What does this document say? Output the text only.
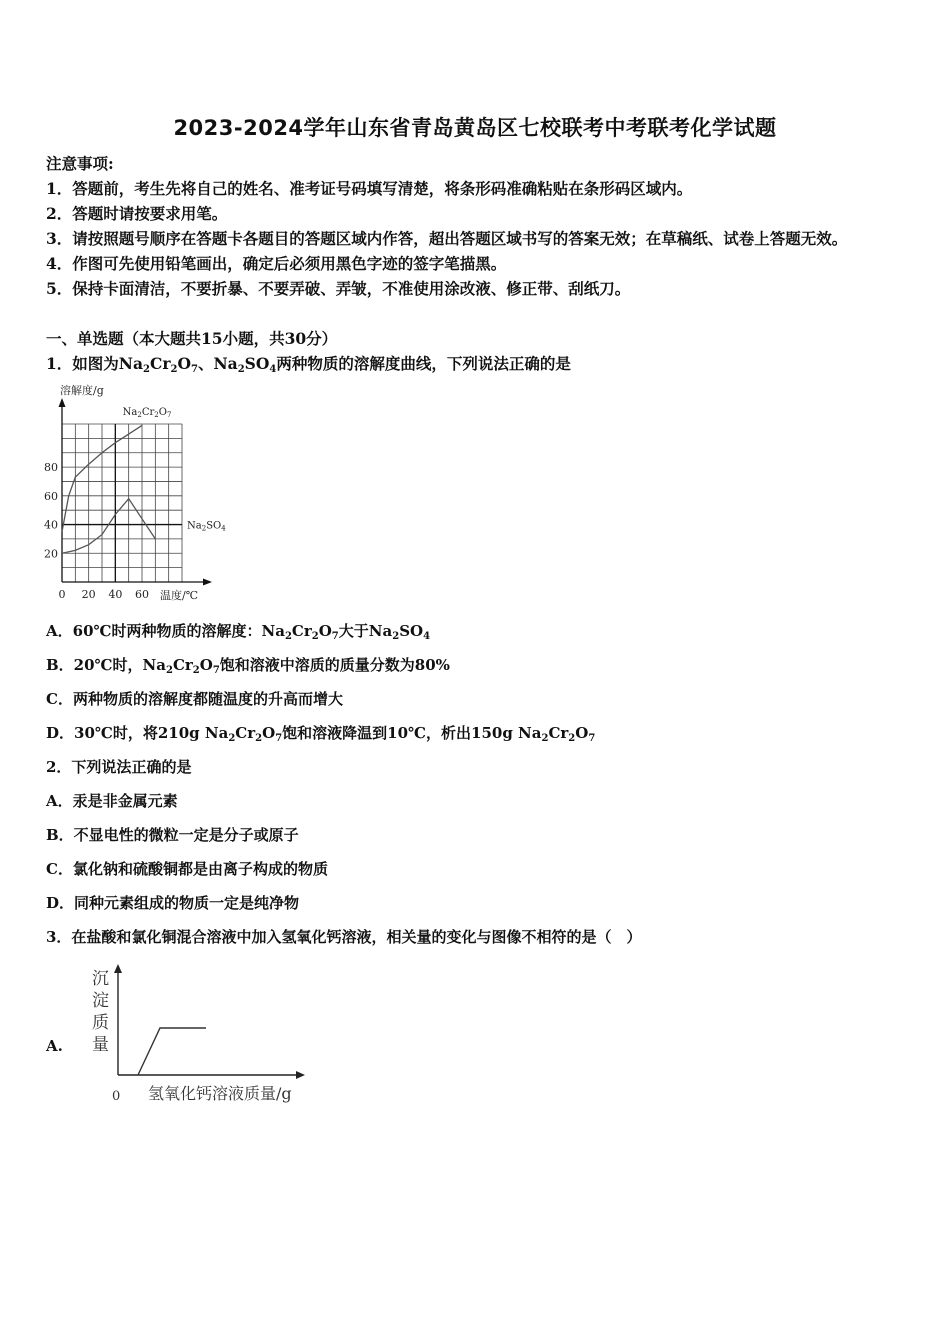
2023-2024学年山东省青岛黄岛区七校联考中考联考化学试题
注意事项:
1．答题前，考生先将自己的姓名、准考证号码填写清楚，将条形码准确粘贴在条形码区域内。
2．答题时请按要求用笔。
3．请按照题号顺序在答题卡各题目的答题区域内作答，超出答题区域书写的答案无效；在草稿纸、试卷上答题无效。
4．作图可先使用铅笔画出，确定后必须用黑色字迹的签字笔描黑。
5．保持卡面清洁，不要折暴、不要弄破、弄皱，不准使用涂改液、修正带、刮纸刀。
一、单选题（本大题共15小题，共30分）
1．如图为$Na_2Cr_2O_7$、$Na_2SO_4$两种物质的溶解度曲线，下列说法正确的是
0 20 40 60
20
40
60
80
溶解度/g
温度/℃
$Na_2Cr_2O_7$
$Na_2SO_4$
A．60℃时两种物质的溶解度：$Na_2Cr_2O_7$大于$Na_2SO_4$
B．20℃时，$Na_2Cr_2O_7$饱和溶液中溶质的质量分数为80%
C．两种物质的溶解度都随温度的升高而增大
D．30℃时，将210g $Na_2Cr_2O_7$饱和溶液降温到10℃，析出150g $Na_2Cr_2O_7$
2．下列说法正确的是
A．汞是非金属元素
B．不显电性的微粒一定是分子或原子
C．氯化钠和硫酸铜都是由离子构成的物质
D．同种元素组成的物质一定是纯净物
3．在盐酸和氯化铜混合溶液中加入氢氧化钙溶液，相关量的变化与图像不相符的是（　）
A.
沉
淀
质
量
0 氢氧化钙溶液质量/g
